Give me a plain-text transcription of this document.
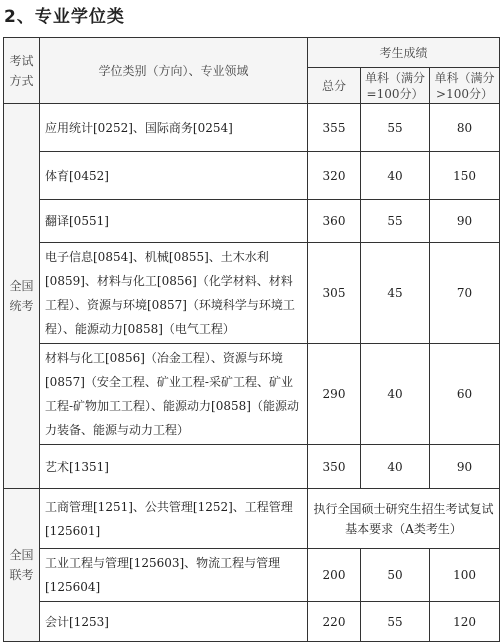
2、专业学位类
考试方式	学位类别（方向）、专业领域	考生成绩		
		总分	单科（满分=100分）	单科（满分>100分）
全国统考	应用统计[0252]、国际商务[0254]	355	55	80
	体育[0452]	320	40	150
	翻译[0551]	360	55	90
	电子信息[0854]、机械[0855]、土木水利[0859]、材料与化工[0856]（化学材料、材料工程）、资源与环境[0857]（环境科学与环境工程）、能源动力[0858]（电气工程）	305	45	70
	材料与化工[0856]（冶金工程）、资源与环境[0857]（安全工程、矿业工程-采矿工程、矿业工程-矿物加工工程）、能源动力[0858]（能源动力装备、能源与动力工程）	290	40	60
	艺术[1351]	350	40	90
全国联考	工商管理[1251]、公共管理[1252]、工程管理[125601]	执行全国硕士研究生招生考试复试基本要求（A类考生）		
	工业工程与管理[125603]、物流工程与管理[125604]	200	50	100
	会计[1253]	220	55	120
